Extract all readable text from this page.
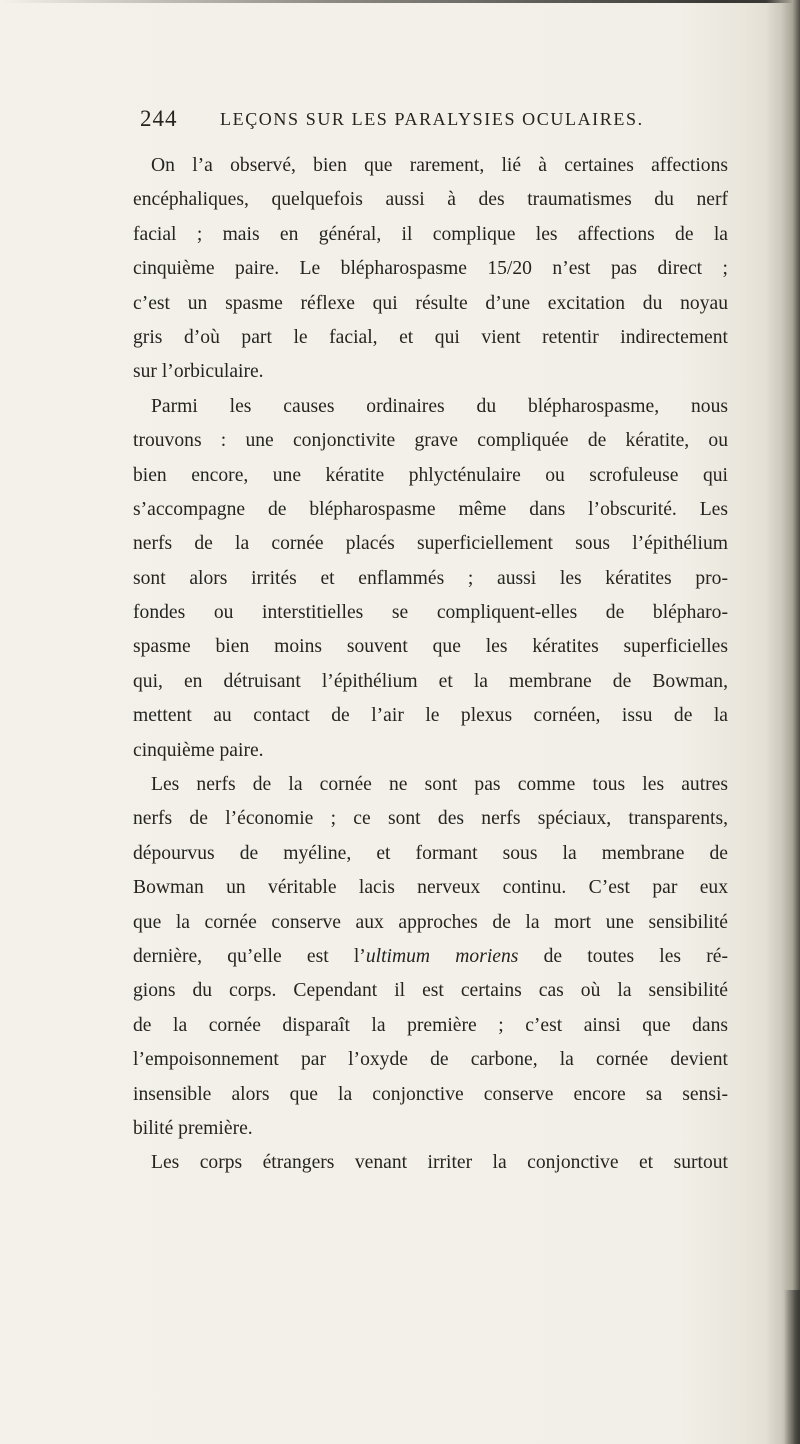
244 LEÇONS SUR LES PARALYSIES OCULAIRES.
On l’a observé, bien que rarement, lié à certaines affections
encéphaliques, quelquefois aussi à des traumatismes du nerf
facial ; mais en général, il complique les affections de la
cinquième paire. Le blépharospasme 15/20 n’est pas direct ;
c’est un spasme réflexe qui résulte d’une excitation du noyau
gris d’où part le facial, et qui vient retentir indirectement
sur l’orbiculaire.
Parmi les causes ordinaires du blépharospasme, nous
trouvons : une conjonctivite grave compliquée de kératite, ou
bien encore, une kératite phlycténulaire ou scrofuleuse qui
s’accompagne de blépharospasme même dans l’obscurité. Les
nerfs de la cornée placés superficiellement sous l’épithélium
sont alors irrités et enflammés ; aussi les kératites pro-
fondes ou interstitielles se compliquent-elles de blépharo-
spasme bien moins souvent que les kératites superficielles
qui, en détruisant l’épithélium et la membrane de Bowman,
mettent au contact de l’air le plexus cornéen, issu de la
cinquième paire.
Les nerfs de la cornée ne sont pas comme tous les autres
nerfs de l’économie ; ce sont des nerfs spéciaux, transparents,
dépourvus de myéline, et formant sous la membrane de
Bowman un véritable lacis nerveux continu. C’est par eux
que la cornée conserve aux approches de la mort une sensibilité
dernière, qu’elle est l’ultimum moriens de toutes les ré-
gions du corps. Cependant il est certains cas où la sensibilité
de la cornée disparaît la première ; c’est ainsi que dans
l’empoisonnement par l’oxyde de carbone, la cornée devient
insensible alors que la conjonctive conserve encore sa sensi-
bilité première.
Les corps étrangers venant irriter la conjonctive et surtout
